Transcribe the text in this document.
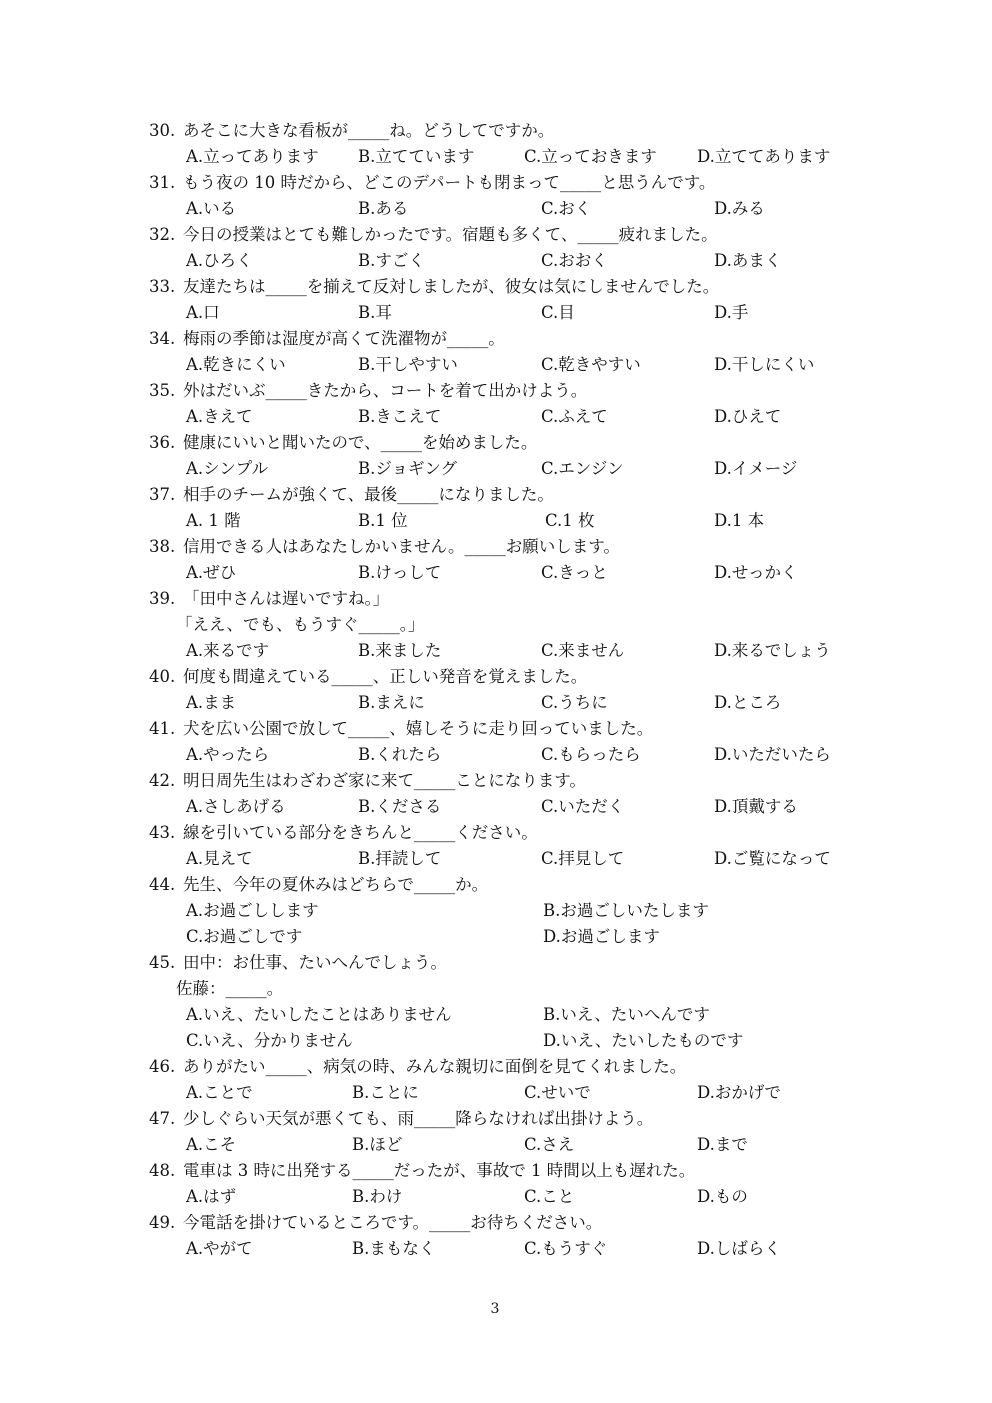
30. あそこに大きな看板が_____ね。どうしてですか。
A.立ってあります B.立てています	C.立っておきます D.立ててあります
31. もう夜の 10 時だから、どこのデパートも閉まって_____と思うんです。
A.いる	B.ある	C.おく	D.みる
32. 今日の授業はとても難しかったです。宿題も多くて、_____疲れました。
A.ひろく	B.すごく	C.おおく	D.あまく
33. 友達たちは_____を揃えて反対しましたが、彼女は気にしませんでした。
A.口	B.耳	C.目	D.手
34. 梅雨の季節は湿度が高くて洗濯物が_____。
A.乾きにくい	B.干しやすい	C.乾きやすい	D.干しにくい
35. 外はだいぶ_____きたから、コートを着て出かけよう。
A.きえて	B.きこえて	C.ふえて	D.ひえて
36. 健康にいいと聞いたので、_____を始めました。
A.シンプル	B.ジョギング	C.エンジン	D.イメージ
37. 相手のチームが強くて、最後_____になりました。
A. 1 階	B.1 位	C.1 枚	D.1 本
38. 信用できる人はあなたしかいません。_____お願いします。
A.ぜひ	B.けっして	C.きっと	D.せっかく
39. 「田中さんは遅いですね。」
「ええ、でも、もうすぐ_____。」
A.来るです	B.来ました	C.来ません	D.来るでしょう
40. 何度も間違えている_____、正しい発音を覚えました。
A.まま	B.まえに	C.うちに	D.ところ
41. 犬を広い公園で放して_____、嬉しそうに走り回っていました。
A.やったら	B.くれたら	C.もらったら	D.いただいたら
42. 明日周先生はわざわざ家に来て_____ことになります。
A.さしあげる	B.くださる	C.いただく	D.頂戴する
43. 線を引いている部分をきちんと_____ください。
A.見えて	B.拝読して	C.拝見して	D.ご覧になって
44. 先生、今年の夏休みはどちらで_____か。
A.お過ごしします	B.お過ごしいたします
C.お過ごしです	D.お過ごします
45. 田中：お仕事、たいへんでしょう。
佐藤：_____。
A.いえ、たいしたことはありません	B.いえ、たいへんです
C.いえ、分かりません	D.いえ、たいしたものです
46. ありがたい_____、病気の時、みんな親切に面倒を見てくれました。
A.ことで	B.ことに	C.せいで	D.おかげで
47. 少しぐらい天気が悪くても、雨_____降らなければ出掛けよう。
A.こそ	B.ほど	C.さえ	D.まで
48. 電車は 3 時に出発する_____だったが、事故で 1 時間以上も遅れた。
A.はず	B.わけ	C.こと	D.もの
49. 今電話を掛けているところです。_____お待ちください。
A.やがて	B.まもなく	C.もうすぐ	D.しばらく
3
